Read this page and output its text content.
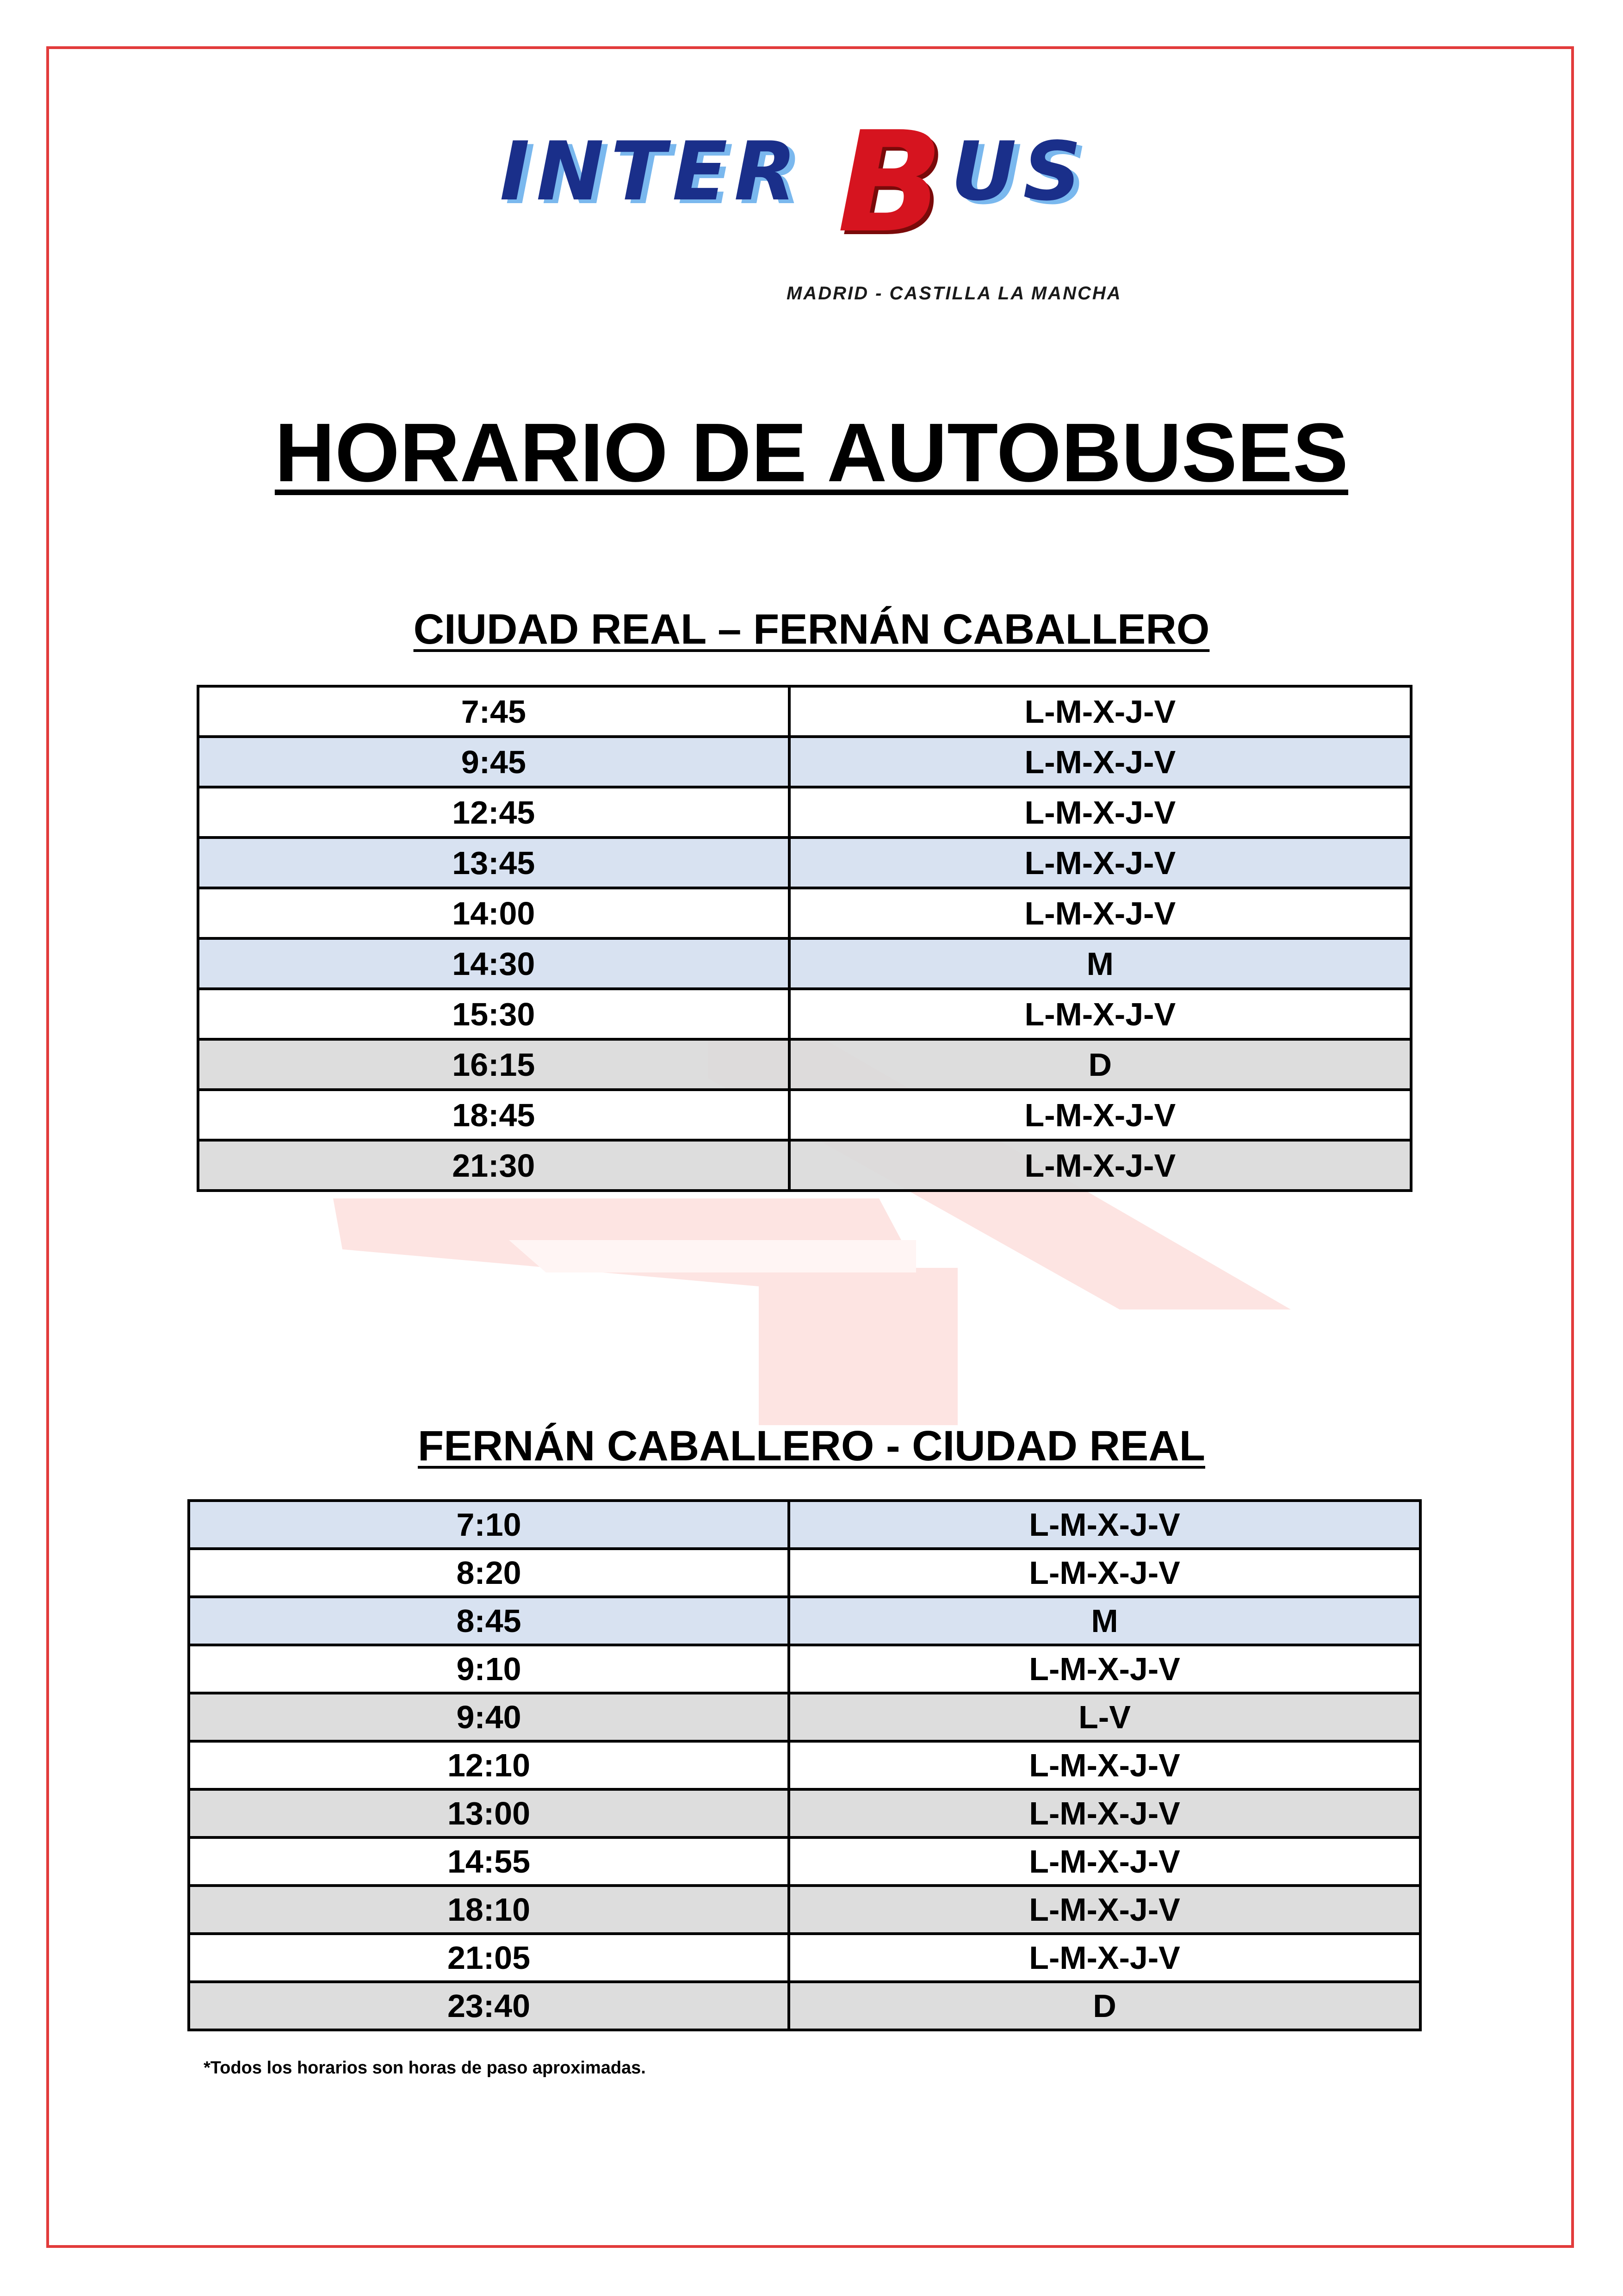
INTER B US
MADRID - CASTILLA LA MANCHA
HORARIO DE AUTOBUSES
CIUDAD REAL – FERNÁN CABALLERO
7:45	L-M-X-J-V
9:45	L-M-X-J-V
12:45	L-M-X-J-V
13:45	L-M-X-J-V
14:00	L-M-X-J-V
14:30	M
15:30	L-M-X-J-V
16:15	D
18:45	L-M-X-J-V
21:30	L-M-X-J-V
FERNÁN CABALLERO - CIUDAD REAL
7:10	L-M-X-J-V
8:20	L-M-X-J-V
8:45	M
9:10	L-M-X-J-V
9:40	L-V
12:10	L-M-X-J-V
13:00	L-M-X-J-V
14:55	L-M-X-J-V
18:10	L-M-X-J-V
21:05	L-M-X-J-V
23:40	D
*Todos los horarios son horas de paso aproximadas.
